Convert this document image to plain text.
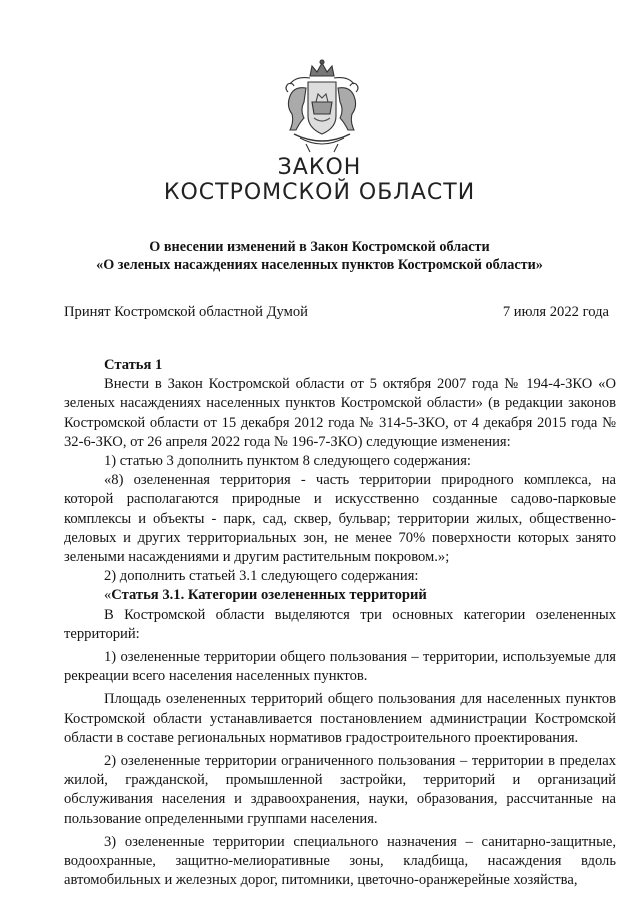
ЗАКОН
КОСТРОМСКОЙ ОБЛАСТИ
О внесении изменений в Закон Костромской области
«О зеленых насаждениях населенных пунктов Костромской области»
Принят Костромской областной Думой	7 июля 2022 года

Статья 1

Внести в Закон Костромской области от 5 октября 2007 года № 194-4-ЗКО «О зеленых насаждениях населенных пунктов Костромской области» (в редакции законов Костромской области от 15 декабря 2012 года № 314-5-ЗКО, от 4 декабря 2015 года № 32-6-ЗКО, от 26 апреля 2022 года № 196-7-ЗКО) следующие изменения:

1) статью 3 дополнить пунктом 8 следующего содержания:

«8) озелененная территория - часть территории природного комплекса, на которой располагаются природные и искусственно созданные садово-парковые комплексы и объекты - парк, сад, сквер, бульвар; территории жилых, общественно-деловых и других территориальных зон, не менее 70% поверхности которых занято зелеными насаждениями и другим растительным покровом.»;

2) дополнить статьей 3.1 следующего содержания:

«Статья 3.1. Категории озелененных территорий

В Костромской области выделяются три основных категории озелененных территорий:

1) озелененные территории общего пользования – территории, используемые для рекреации всего населения населенных пунктов.

Площадь озелененных территорий общего пользования для населенных пунктов Костромской области устанавливается постановлением администрации Костромской области в составе региональных нормативов градостроительного проектирования.

2) озелененные территории ограниченного пользования – территории в пределах жилой, гражданской, промышленной застройки, территорий и организаций обслуживания населения и здравоохранения, науки, образования, рассчитанные на пользование определенными группами населения.

3) озелененные территории специального назначения – санитарно-защитные, водоохранные, защитно-мелиоративные зоны, кладбища, насаждения вдоль автомобильных и железных дорог, питомники, цветочно-оранжерейные хозяйства,
